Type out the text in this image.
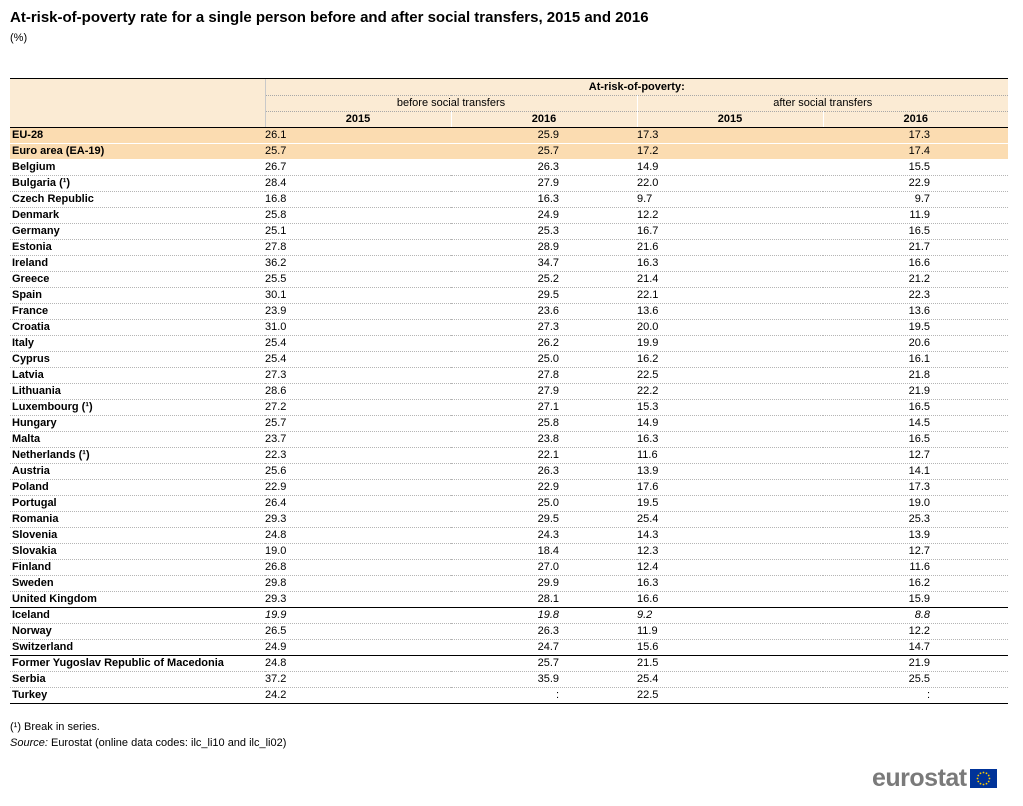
At-risk-of-poverty rate for a single person before and after social transfers, 2015 and 2016
(%)
	At-risk-of-poverty:			
	before social transfers		after social transfers	
	2015	2016	2015	2016
EU-28	26.1	25.9	17.3	17.3
Euro area (EA-19)	25.7	25.7	17.2	17.4
Belgium	26.7	26.3	14.9	15.5
Bulgaria (¹)	28.4	27.9	22.0	22.9
Czech Republic	16.8	16.3	9.7	9.7
Denmark	25.8	24.9	12.2	11.9
Germany	25.1	25.3	16.7	16.5
Estonia	27.8	28.9	21.6	21.7
Ireland	36.2	34.7	16.3	16.6
Greece	25.5	25.2	21.4	21.2
Spain	30.1	29.5	22.1	22.3
France	23.9	23.6	13.6	13.6
Croatia	31.0	27.3	20.0	19.5
Italy	25.4	26.2	19.9	20.6
Cyprus	25.4	25.0	16.2	16.1
Latvia	27.3	27.8	22.5	21.8
Lithuania	28.6	27.9	22.2	21.9
Luxembourg (¹)	27.2	27.1	15.3	16.5
Hungary	25.7	25.8	14.9	14.5
Malta	23.7	23.8	16.3	16.5
Netherlands (¹)	22.3	22.1	11.6	12.7
Austria	25.6	26.3	13.9	14.1
Poland	22.9	22.9	17.6	17.3
Portugal	26.4	25.0	19.5	19.0
Romania	29.3	29.5	25.4	25.3
Slovenia	24.8	24.3	14.3	13.9
Slovakia	19.0	18.4	12.3	12.7
Finland	26.8	27.0	12.4	11.6
Sweden	29.8	29.9	16.3	16.2
United Kingdom	29.3	28.1	16.6	15.9
Iceland	19.9	19.8	9.2	8.8
Norway	26.5	26.3	11.9	12.2
Switzerland	24.9	24.7	15.6	14.7
Former Yugoslav Republic of Macedonia	24.8	25.7	21.5	21.9
Serbia	37.2	35.9	25.4	25.5
Turkey	24.2	:	22.5	:
(¹) Break in series.
Source: Eurostat (online data codes: ilc_li10 and ilc_li02)
eurostat
